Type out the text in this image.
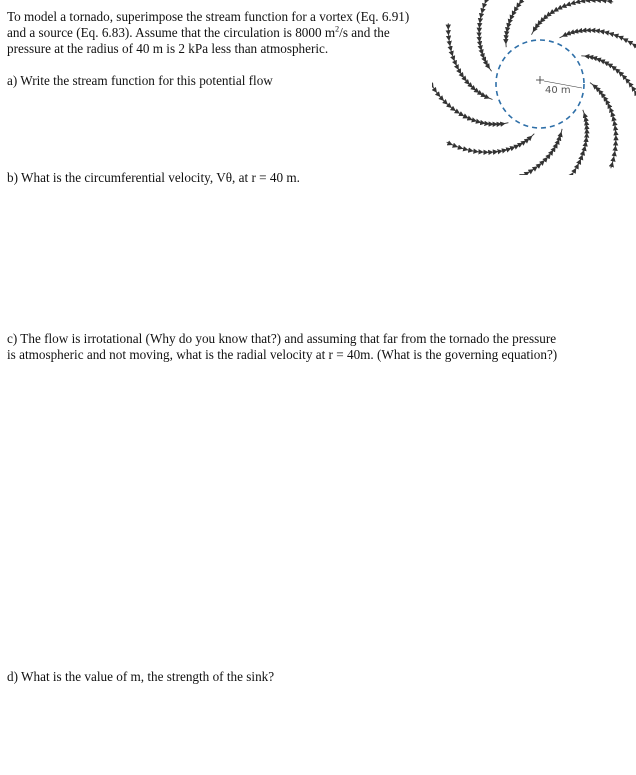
To model a tornado, superimpose the stream function for a vortex (Eq. 6.91)
and a source (Eq. 6.83). Assume that the circulation is 8000 $m^2/s$ and the
pressure at the radius of 40 m is 2 kPa less than atmospheric.
a) Write the stream function for this potential flow
b) What is the circumferential velocity, Vθ, at r = 40 m.
c) The flow is irrotational (Why do you know that?) and assuming that far from the tornado the pressure
is atmospheric and not moving, what is the radial velocity at r = 40m. (What is the governing equation?)
d) What is the value of m, the strength of the sink?
40 m
